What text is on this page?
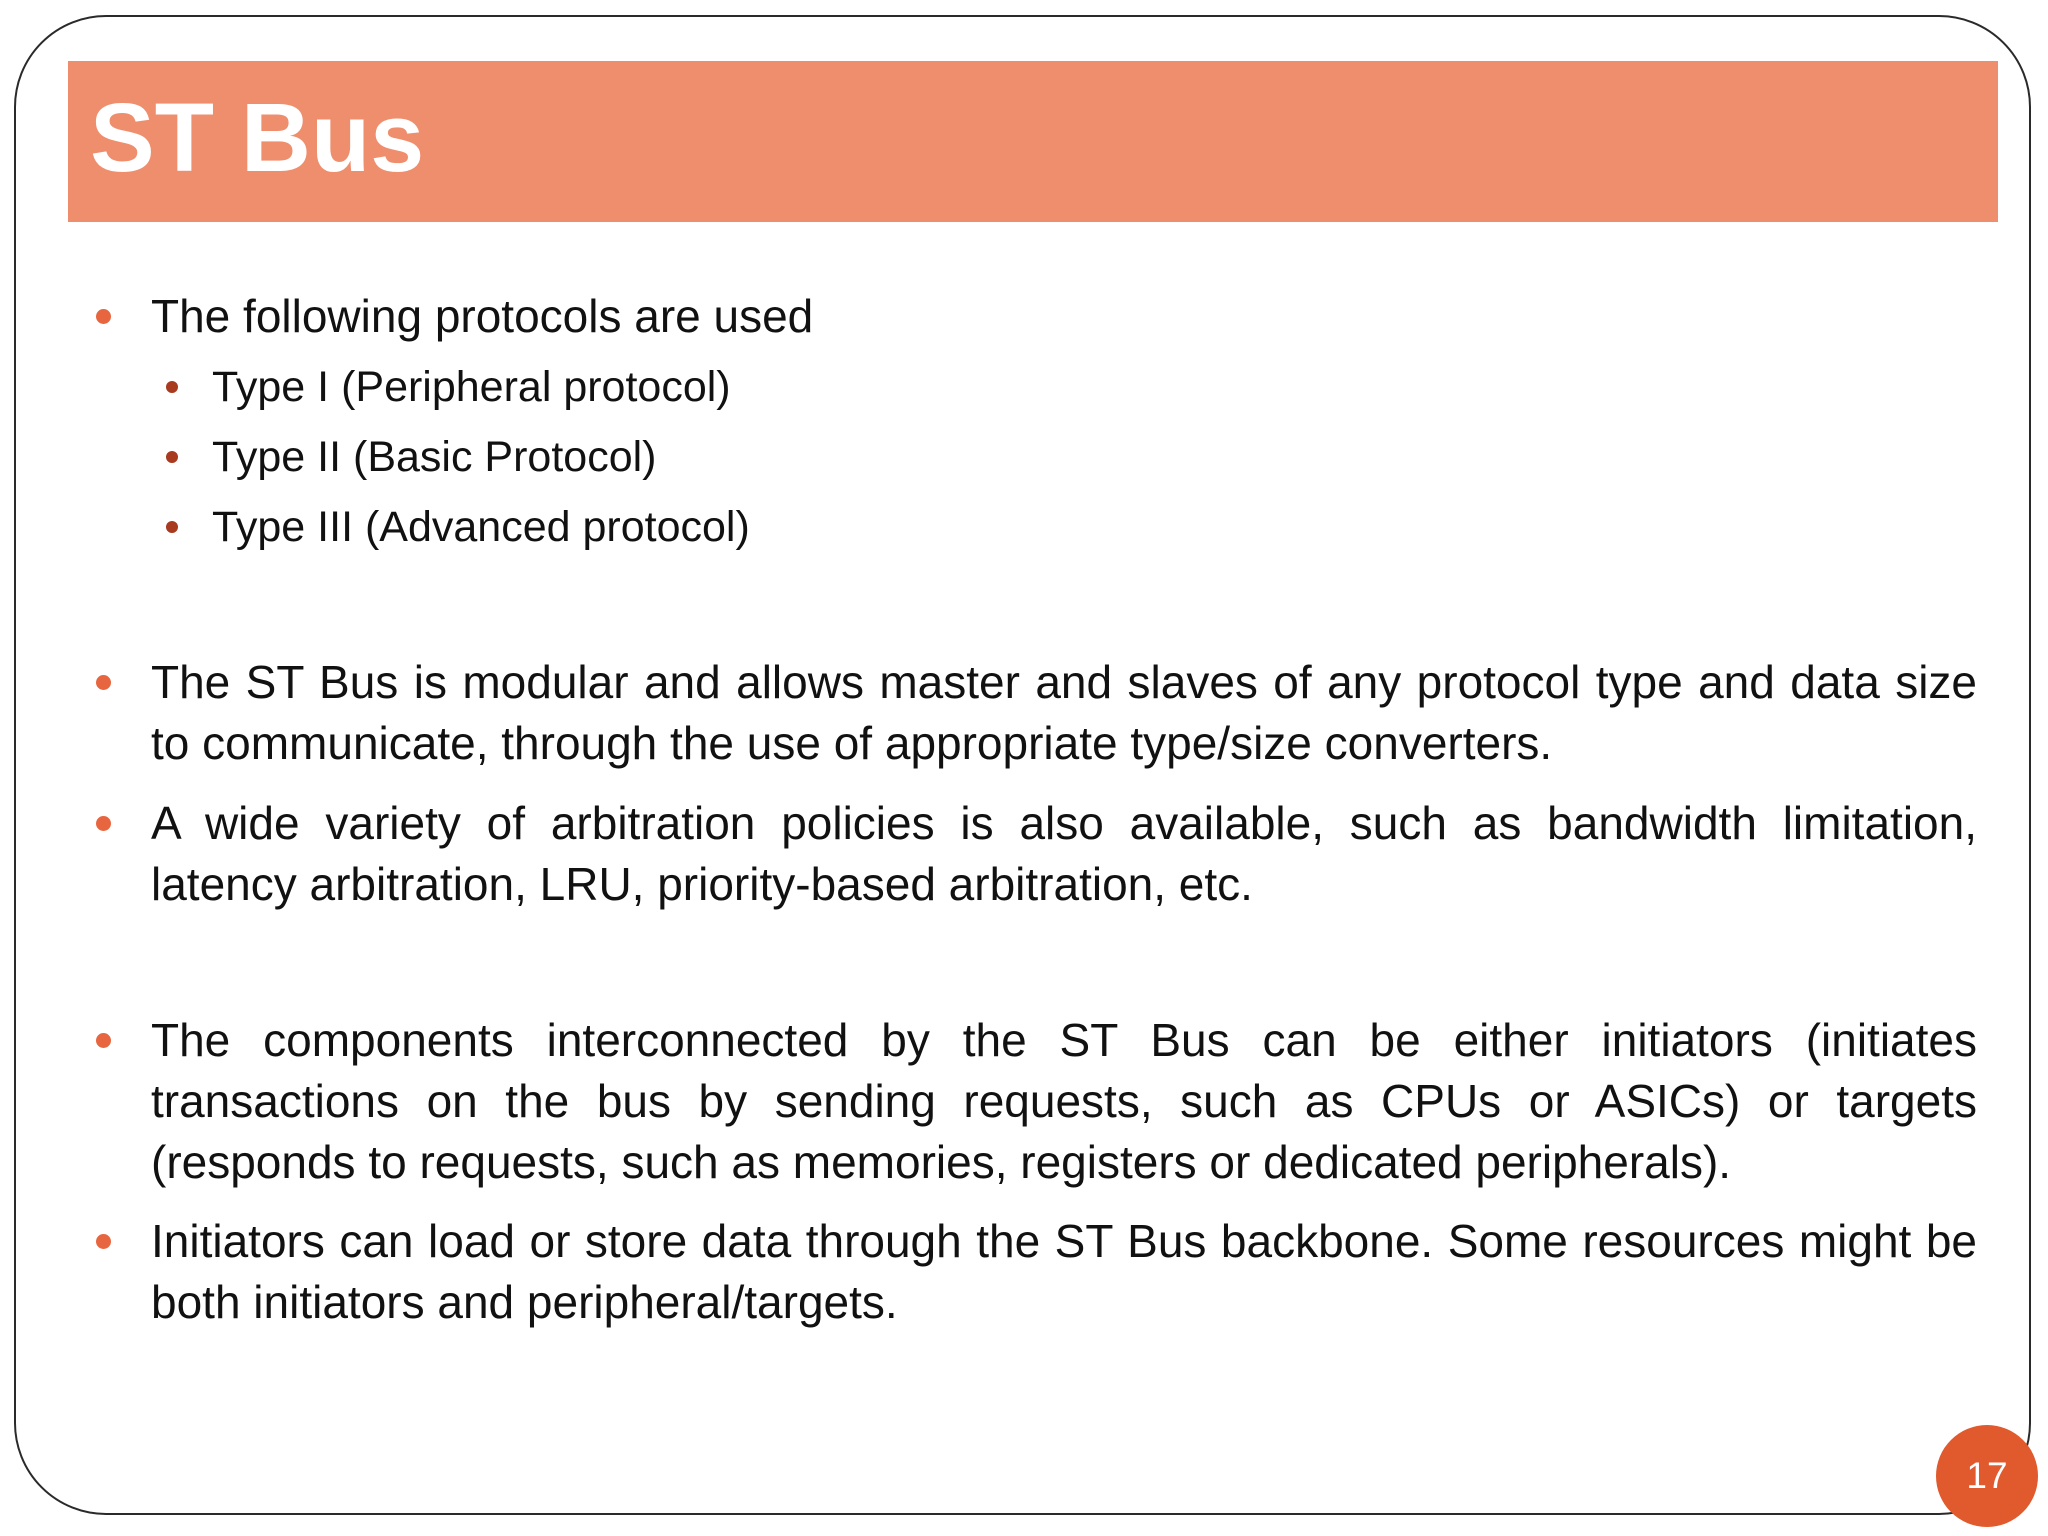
ST Bus
The following protocols are used
Type I (Peripheral protocol)
Type II (Basic Protocol)
Type III (Advanced protocol)
The ST Bus is modular and allows master and slaves of any protocol type and data size to communicate, through the use of appropriate type/size converters.
A wide variety of arbitration policies is also available, such as bandwidth limitation, latency arbitration, LRU, priority-based arbitration, etc.
The components interconnected by the ST Bus can be either initiators (initiates transactions on the bus by sending requests, such as CPUs or ASICs) or targets (responds to requests, such as memories, registers or dedicated peripherals).
Initiators can load or store data through the ST Bus backbone. Some resources might be both initiators and peripheral/targets.
17
